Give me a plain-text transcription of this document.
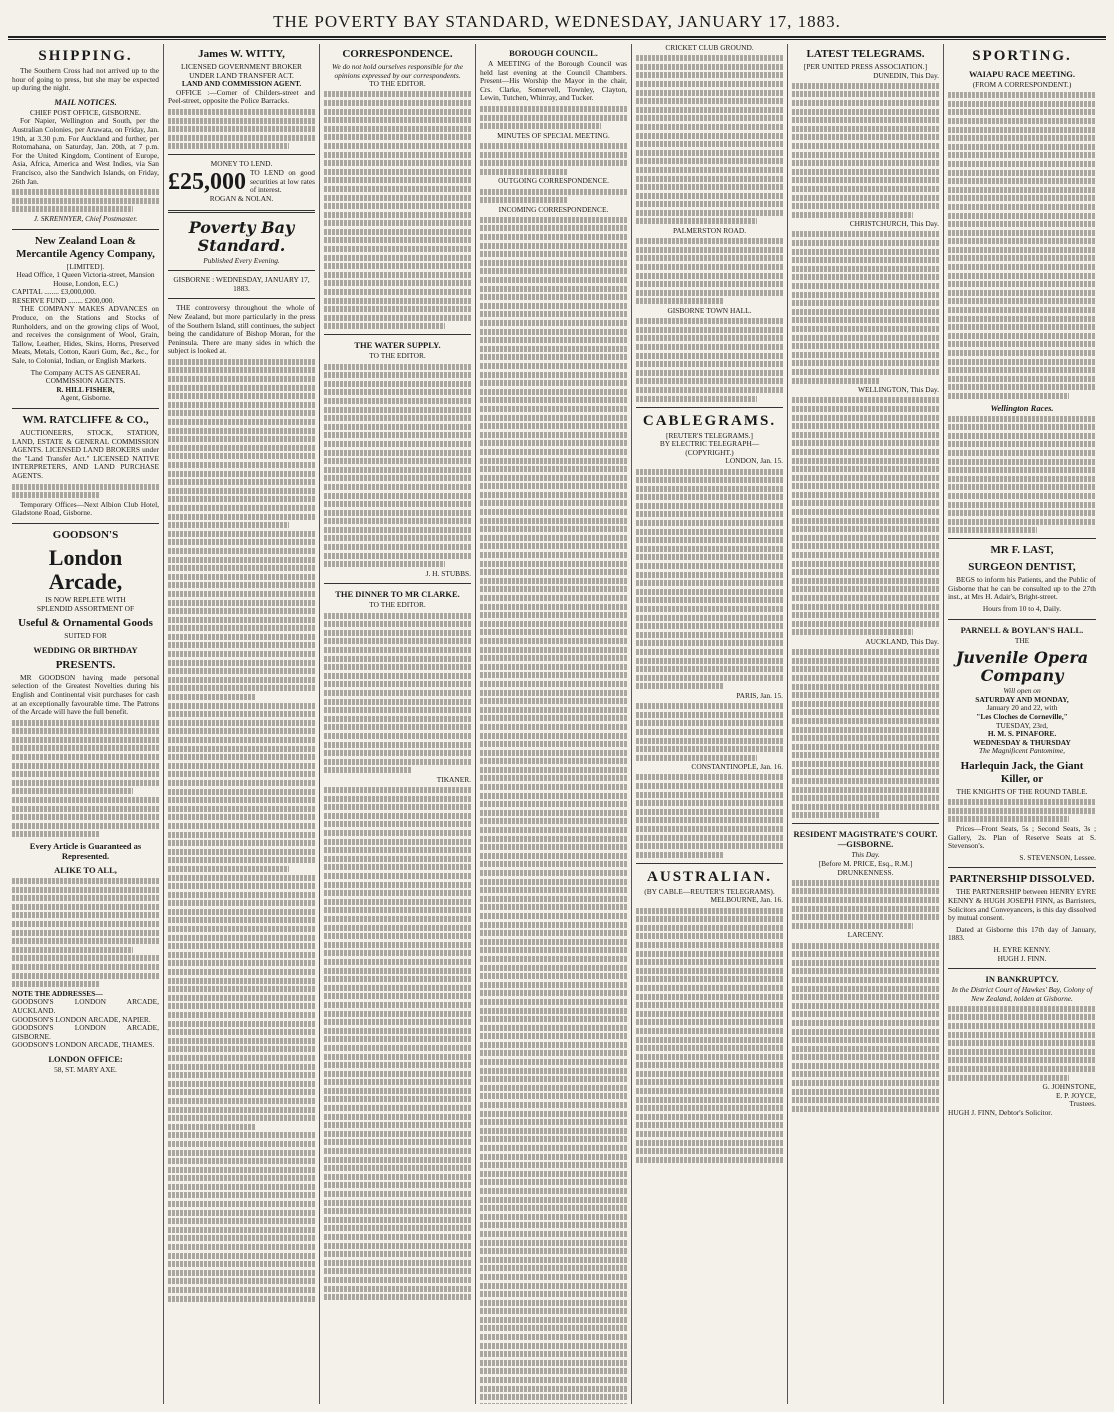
THE POVERTY BAY STANDARD, WEDNESDAY, JANUARY 17, 1883.
SHIPPING.

The Southern Cross had not arrived up to the hour of going to press, but she may be expected up during the night.

MAIL NOTICES.
CHIEF POST OFFICE, GISBORNE.

For Napier, Wellington and South, per the Australian Colonies, per Arawata, on Friday, Jan. 19th, at 3.30 p.m. For Auckland and further, per Rotomahana, on Saturday, Jan. 20th, at 7 p.m. For the United Kingdom, Continent of Europe, Asia, Africa, America and West Indies, via San Francisco, also the Sandwich Islands, on Friday, 26th Jan.

J. SKRENNYER, Chief Postmaster.
New Zealand Loan & Mercantile Agency Company,
[LIMITED].
Head Office, 1 Queen Victoria-street, Mansion House, London, E.C.)
CAPITAL ........ £3,000,000.
RESERVE FUND ........ £200,000.

THE COMPANY MAKES ADVANCES on Produce, on the Stations and Stocks of Runholders, and on the growing clips of Wool, and receives the consignment of Wool, Grain, Tallow, Leather, Hides, Skins, Horns, Preserved Meats, Metals, Cotton, Kauri Gum, &c., &c., for Sale, to Colonial, Indian, or English Markets.

The Company ACTS AS GENERAL COMMISSION AGENTS.
R. HILL FISHER,
Agent, Gisborne.
WM. RATCLIFFE & CO.,

AUCTIONEERS, STOCK, STATION, LAND, ESTATE & GENERAL COMMISSION AGENTS. LICENSED LAND BROKERS under the "Land Transfer Act." LICENSED NATIVE INTERPRETERS, AND LAND PURCHASE AGENTS.

Temporary Offices—Next Albion Club Hotel, Gladstone Road, Gisborne.

GOODSON'S
London Arcade,
IS NOW REPLETE WITH
SPLENDID ASSORTMENT OF
Useful & Ornamental Goods
SUITED FOR
WEDDING OR BIRTHDAY
PRESENTS.

MR GOODSON having made personal selection of the Greatest Novelties during his English and Continental visit purchases for cash at an exceptionally favourable time. The Patrons of the Arcade will have the full benefit.

Every Article is Guaranteed as Represented.
ALIKE TO ALL,
NOTE THE ADDRESSES—
GOODSON'S LONDON ARCADE, AUCKLAND.
GOODSON'S LONDON ARCADE, NAPIER.
GOODSON'S LONDON ARCADE, GISBORNE.
GOODSON'S LONDON ARCADE, THAMES.
LONDON OFFICE:
58, ST. MARY AXE.
James W. WITTY,
LICENSED GOVERNMENT BROKER UNDER LAND TRANSFER ACT.
LAND AND COMMISSION AGENT.

OFFICE :—Corner of Childers-street and Peel-street, opposite the Police Barracks.

MONEY TO LEND.
£25,000 TO LEND on good securities at low rates of interest.
ROGAN & NOLAN.
Poverty Bay Standard.
Published Every Evening.
GISBORNE : WEDNESDAY, JANUARY 17, 1883.

THE controversy throughout the whole of New Zealand, but more particularly in the press of the Southern Island, still continues, the subject being the candidature of Bishop Moran, for the Peninsula. There are many sides in which the subject is looked at.

CORRESPONDENCE.
We do not hold ourselves responsible for the opinions expressed by our correspondents.
TO THE EDITOR.
THE WATER SUPPLY.
TO THE EDITOR.
J. H. STUBBS.
THE DINNER TO MR CLARKE.
TO THE EDITOR.
TIKANER.
BOROUGH COUNCIL.

A MEETING of the Borough Council was held last evening at the Council Chambers. Present—His Worship the Mayor in the chair, Crs. Clarke, Somervell, Townley, Clayton, Lewin, Tutchen, Whinray, and Tucker.

MINUTES OF SPECIAL MEETING.
OUTGOING CORRESPONDENCE.
INCOMING CORRESPONDENCE.
CRICKET CLUB GROUND.
PALMERSTON ROAD.
GISBORNE TOWN HALL.
CABLEGRAMS.
[REUTER'S TELEGRAMS.]
BY ELECTRIC TELEGRAPH—(COPYRIGHT.)
LONDON, Jan. 15.
PARIS, Jan. 15.
CONSTANTINOPLE, Jan. 16.
AUSTRALIAN.
(BY CABLE—REUTER'S TELEGRAMS).
MELBOURNE, Jan. 16.
LATEST TELEGRAMS.
[PER UNITED PRESS ASSOCIATION.]
DUNEDIN, This Day.
CHRISTCHURCH, This Day.
WELLINGTON, This Day.
AUCKLAND, This Day.
RESIDENT MAGISTRATE'S COURT.—GISBORNE.
This Day.
[Before M. PRICE, Esq., R.M.]
DRUNKENNESS.
LARCENY.
SPORTING.
WAIAPU RACE MEETING.
(FROM A CORRESPONDENT.)
Wellington Races.
MR F. LAST,
SURGEON DENTIST,

BEGS to inform his Patients, and the Public of Gisborne that he can be consulted up to the 27th inst., at Mrs H. Adair's, Bright-street.

Hours from 10 to 4, Daily.
PARNELL & BOYLAN'S HALL.
THE
Juvenile Opera Company
Will open on
SATURDAY AND MONDAY,
January 20 and 22, with
"Les Cloches de Corneville,"
TUESDAY, 23rd,
H. M. S. PINAFORE.
WEDNESDAY & THURSDAY
The Magnificent Pantomime,
Harlequin Jack, the Giant Killer, or
THE KNIGHTS OF THE ROUND TABLE.

Prices—Front Seats, 5s ; Second Seats, 3s ; Gallery, 2s. Plan of Reserve Seats at S. Stevenson's.

S. STEVENSON, Lessee.
PARTNERSHIP DISSOLVED.

THE PARTNERSHIP between HENRY EYRE KENNY & HUGH JOSEPH FINN, as Barristers, Solicitors and Conveyancers, is this day dissolved by mutual consent.

Dated at Gisborne this 17th day of January, 1883.

H. EYRE KENNY.
HUGH J. FINN.
IN BANKRUPTCY.
In the District Court of Hawkes' Bay, Colony of New Zealand, holden at Gisborne.
G. JOHNSTONE,
E. P. JOYCE,
Trustees.
HUGH J. FINN, Debtor's Solicitor.
